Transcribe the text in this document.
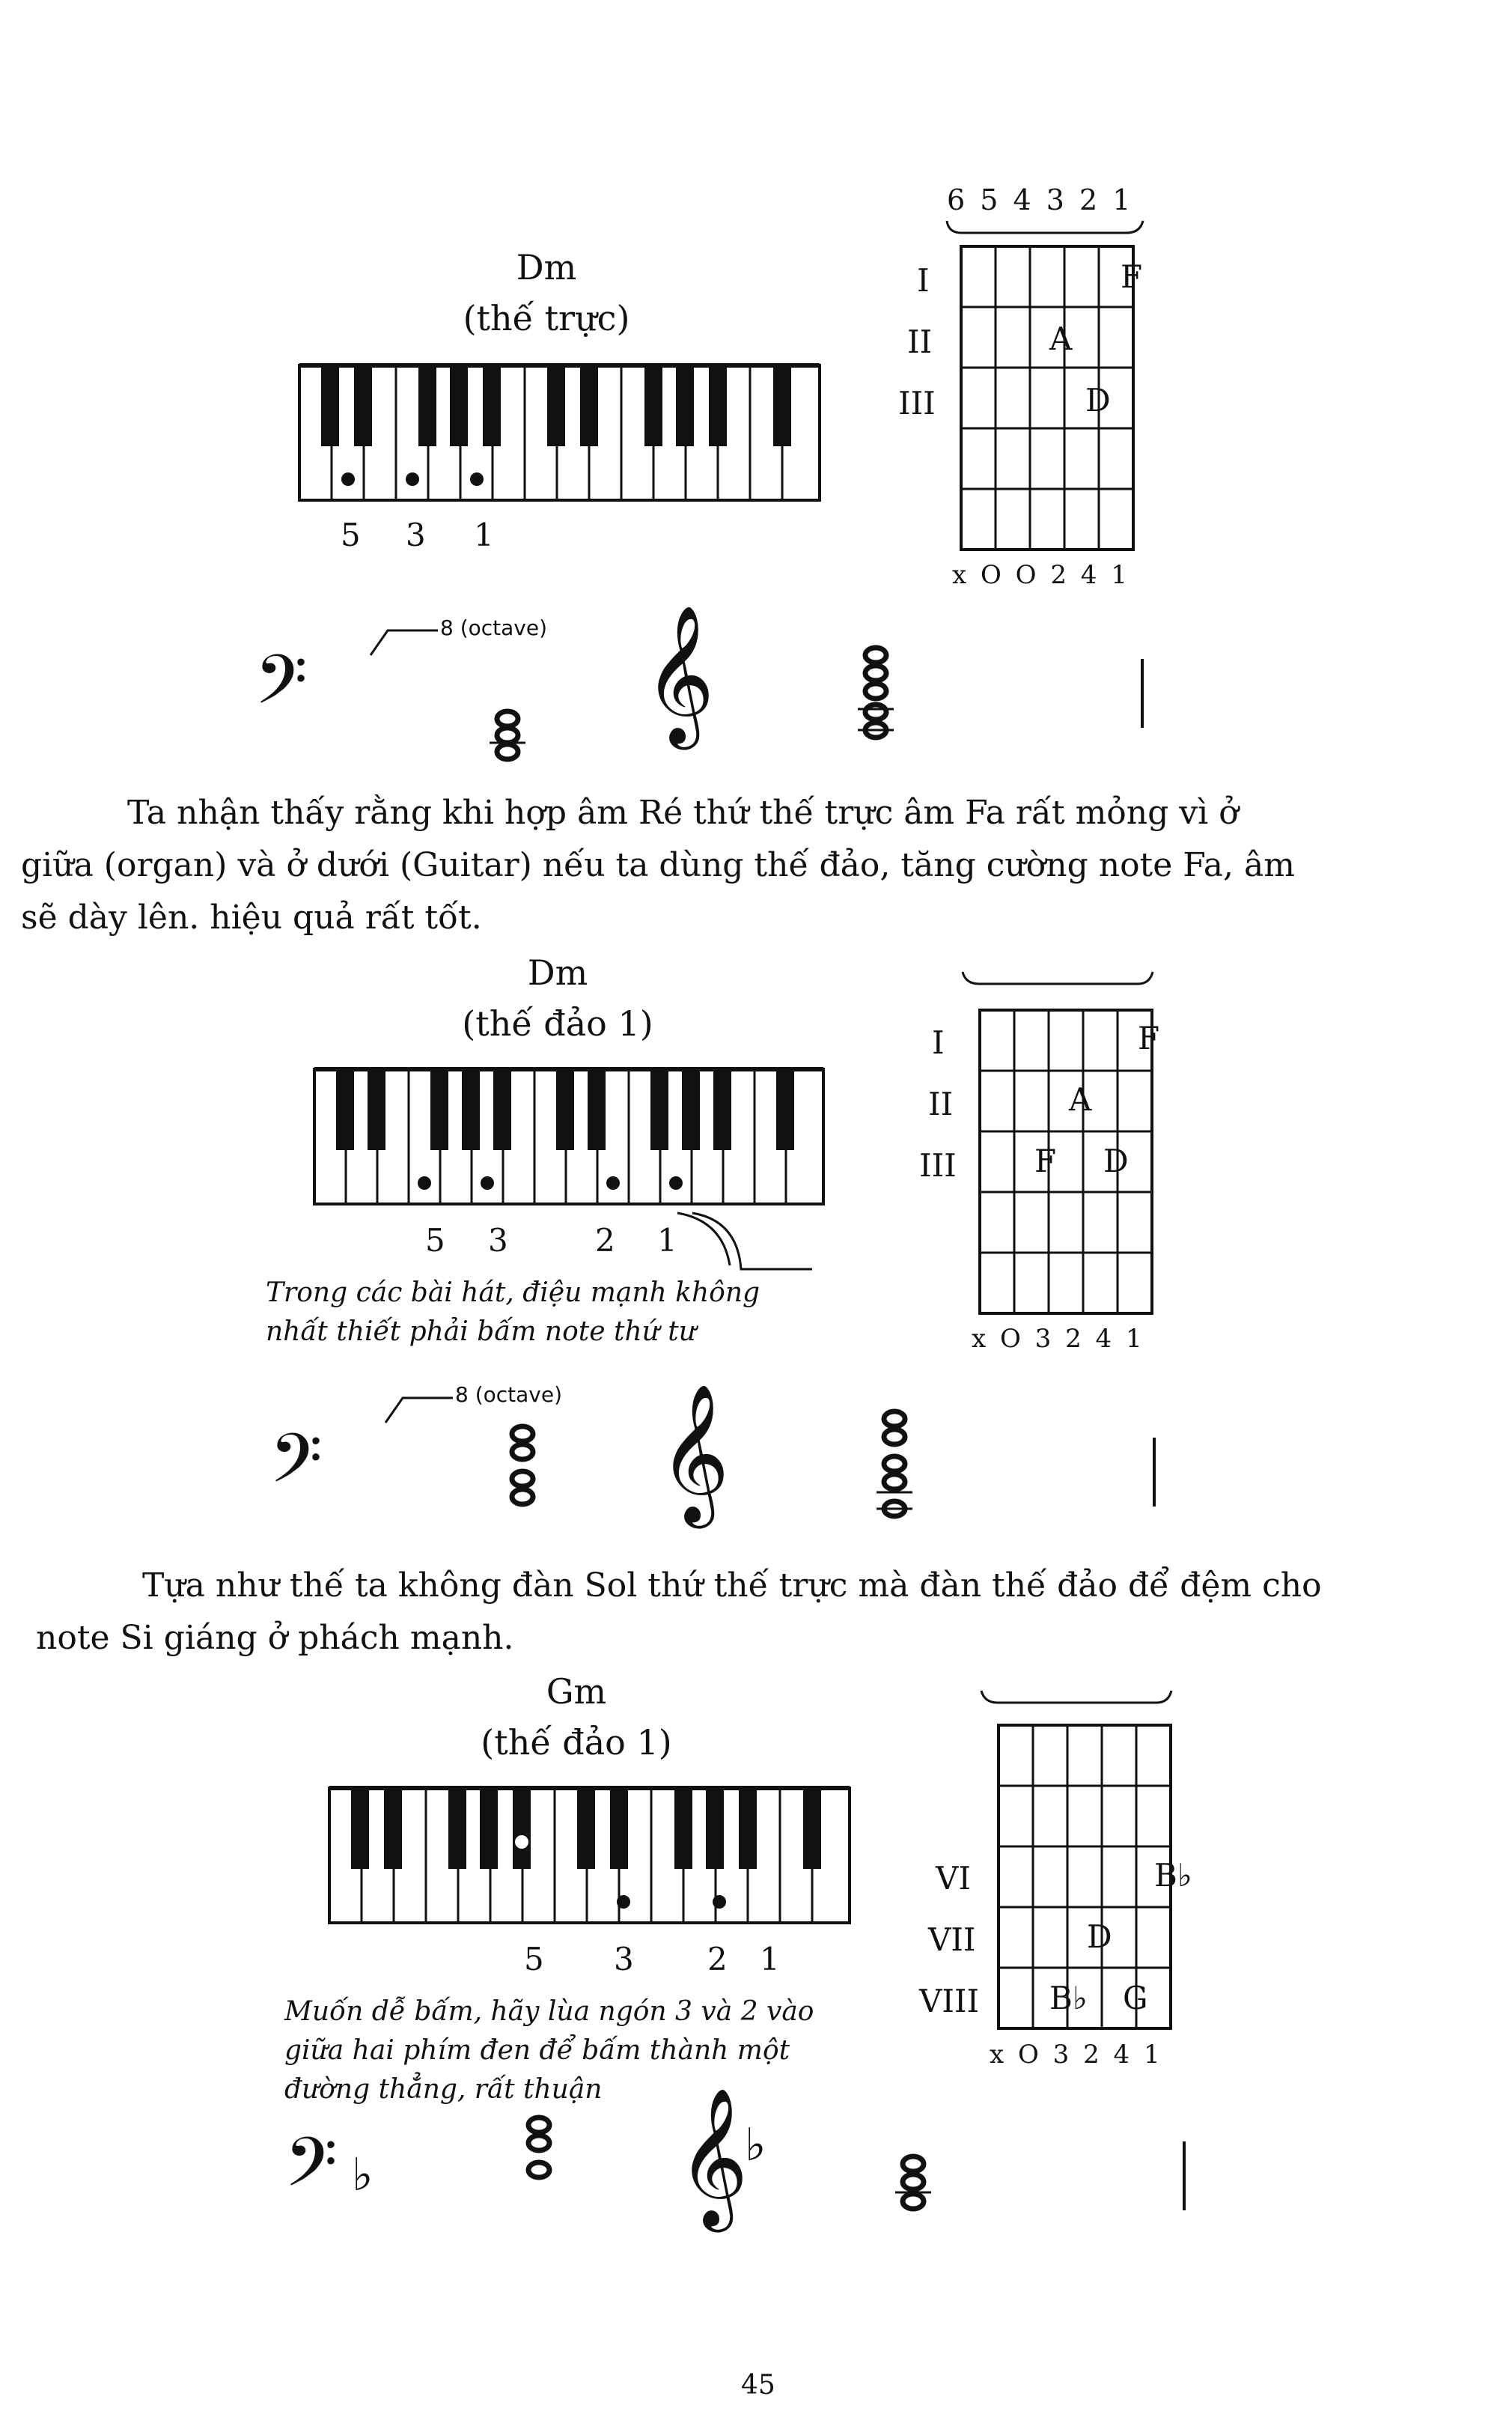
Dm
(thế trực)
5 3 1
6 5 4 3 2 1
I
II
III
F
A
D
x O O 2 4 1
𝄢
8 (octave) 𝄞
Ta nhận thấy rằng khi hợp âm Ré thứ thế trực âm Fa rất mỏng vì ở
giữa (organ) và ở dưới (Guitar) nếu ta dùng thế đảo, tăng cường note Fa, âm
sẽ dày lên. hiệu quả rất tốt.
Dm
(thế đảo 1)
5 3	2 1
Trong các bài hát, điệu mạnh không
nhất thiết phải bấm note thứ tư
I
II
III
F
A
F D
x O 3 2 4 1
𝄢
8 (octave) 𝄞
Tựa như thế ta không đàn Sol thứ thế trực mà đàn thế đảo để đệm cho
note Si giáng ở phách mạnh.
Gm
(thế đảo 1)
5 3 2 1
Muốn dễ bấm, hãy lùa ngón 3 và 2 vào
giữa hai phím đen để bấm thành một
đường thẳng, rất thuận
VI
VII
VIII
B♭
D
B♭ G
x O 3 2 4 1
𝄢 ♭	𝄞
♭
45
